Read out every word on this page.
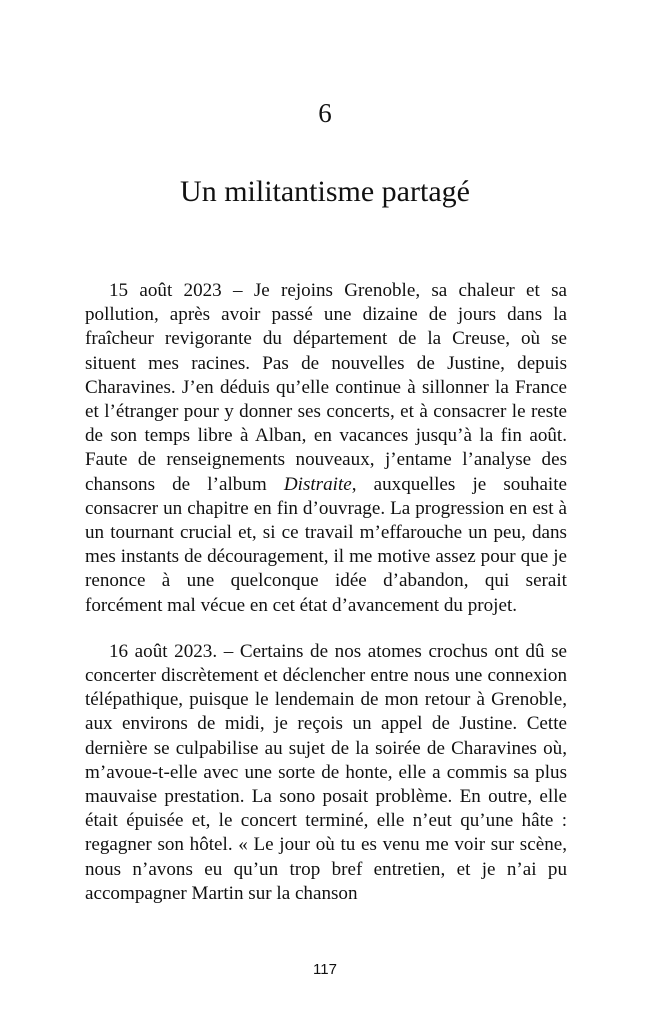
6
Un militantisme partagé

15 août 2023 – Je rejoins Grenoble, sa chaleur et sa pollution, après avoir passé une dizaine de jours dans la fraîcheur revigorante du département de la Creuse, où se situent mes racines. Pas de nouvelles de Justine, depuis Charavines. J’en déduis qu’elle continue à sillonner la France et l’étranger pour y donner ses concerts, et à consacrer le reste de son temps libre à Alban, en vacances jusqu’à la fin août. Faute de renseignements nouveaux, j’entame l’analyse des chansons de l’album Distraite, auxquelles je souhaite consacrer un chapitre en fin d’ouvrage. La progression en est à un tournant crucial et, si ce travail m’effarouche un peu, dans mes instants de découragement, il me motive assez pour que je renonce à une quelconque idée d’abandon, qui serait forcément mal vécue en cet état d’avancement du projet.

16 août 2023. – Certains de nos atomes crochus ont dû se concerter discrètement et déclencher entre nous une connexion télépathique, puisque le lendemain de mon retour à Grenoble, aux environs de midi, je reçois un appel de Justine. Cette dernière se culpabilise au sujet de la soirée de Charavines où, m’avoue-t-elle avec une sorte de honte, elle a commis sa plus mauvaise prestation. La sono posait problème. En outre, elle était épuisée et, le concert terminé, elle n’eut qu’une hâte : regagner son hôtel. « Le jour où tu es venu me voir sur scène, nous n’avons eu qu’un trop bref entretien, et je n’ai pu accompagner Martin sur la chanson

117
